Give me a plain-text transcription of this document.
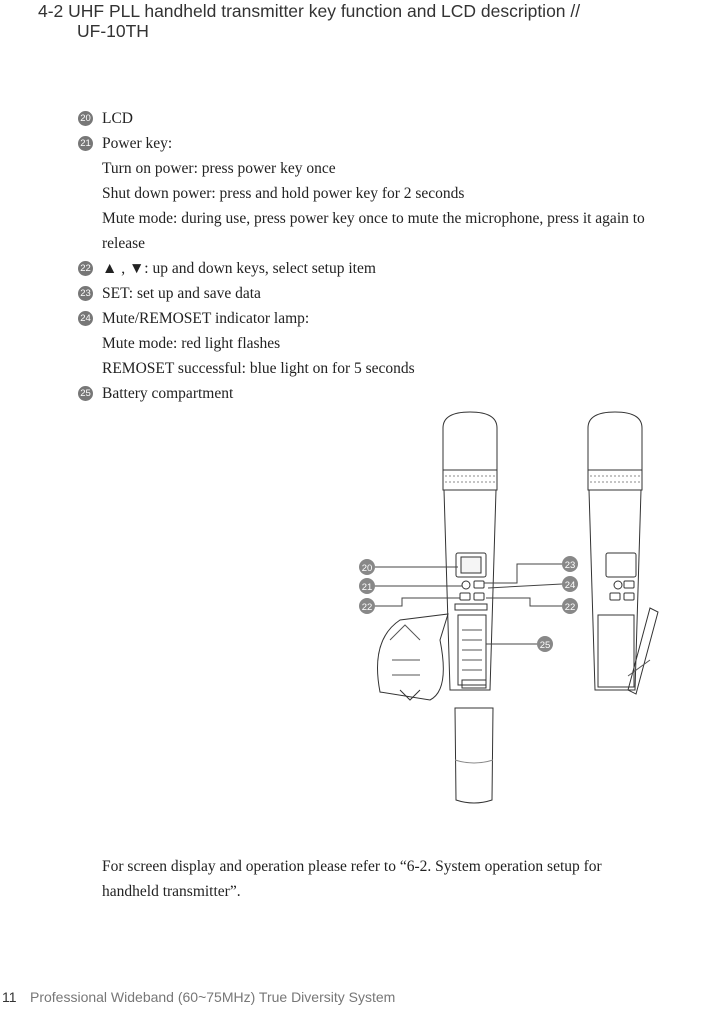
4-2 UHF PLL handheld transmitter key function and LCD description //
UF-10TH
20 LCD
21 Power key:
Turn on power: press power key once
Shut down power: press and hold power key for 2 seconds
Mute mode: during use, press power key once to mute the microphone, press it again to
release
22 ▲ , ▼: up and down keys, select setup item
23 SET: set up and save data
24 Mute/REMOSET indicator lamp:
Mute mode: red light flashes
REMOSET successful: blue light on for 5 seconds
25 Battery compartment
20
21
22
23
24
22
25
For screen display and operation please refer to “6-2. System operation setup for
handheld transmitter”.
11 Professional Wideband (60~75MHz) True Diversity System
